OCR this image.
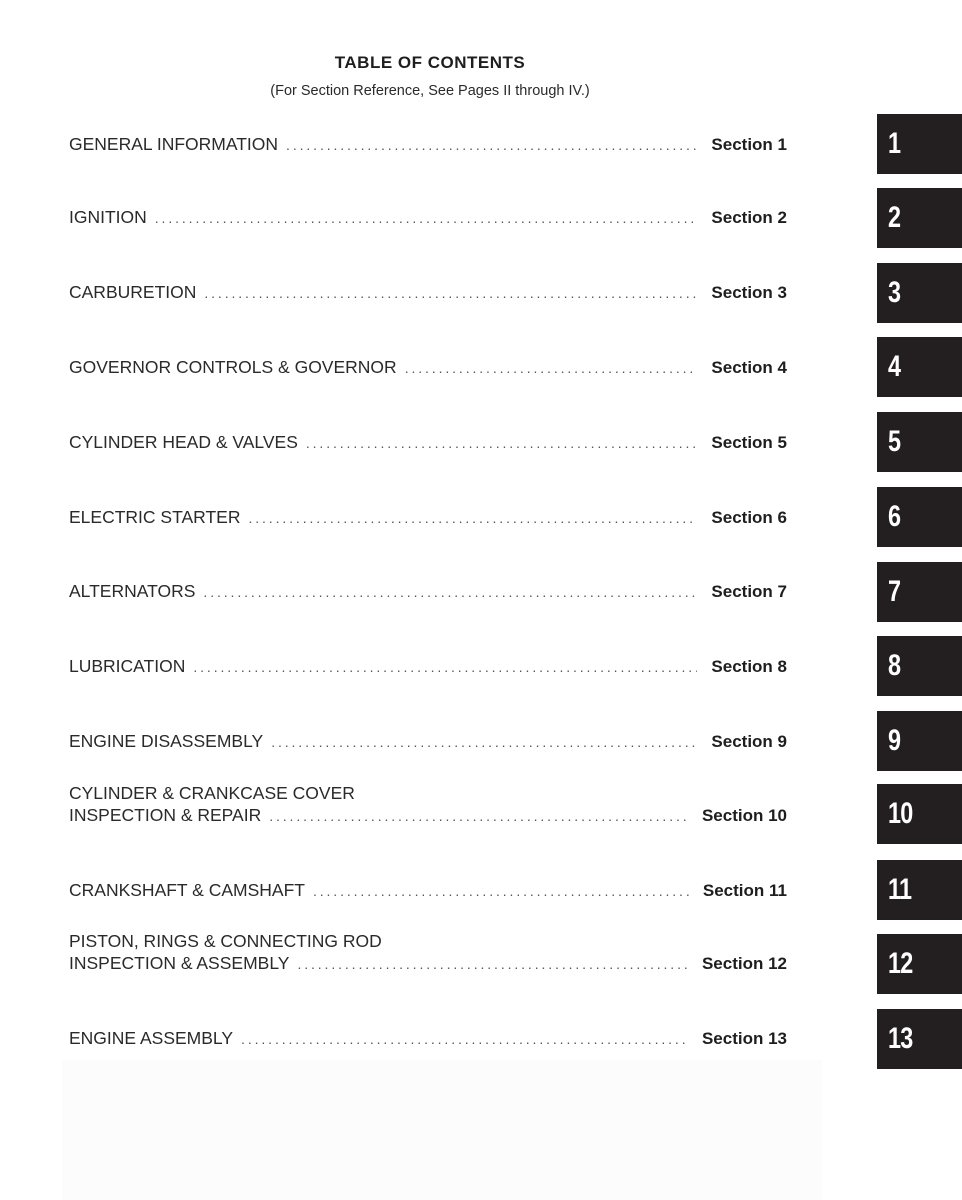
TABLE OF CONTENTS
(For Section Reference, See Pages II through IV.)
GENERAL INFORMATION . . .	Section 1
IGNITION . . .	Section 2
CARBURETION . . .	Section 3
GOVERNOR CONTROLS & GOVERNOR . . .	Section 4
CYLINDER HEAD & VALVES . . .	Section 5
ELECTRIC STARTER . . .	Section 6
ALTERNATORS . . .	Section 7
LUBRICATION . . .	Section 8
ENGINE DISASSEMBLY . . .	Section 9
CYLINDER & CRANKCASE COVER
INSPECTION & REPAIR . . .	Section 10
CRANKSHAFT & CAMSHAFT . . .	Section 11
PISTON, RINGS & CONNECTING ROD
INSPECTION & ASSEMBLY . . .	Section 12
ENGINE ASSEMBLY . . .	Section 13
1
2
3
4
5
6
7
8
9
10
11
12
13
